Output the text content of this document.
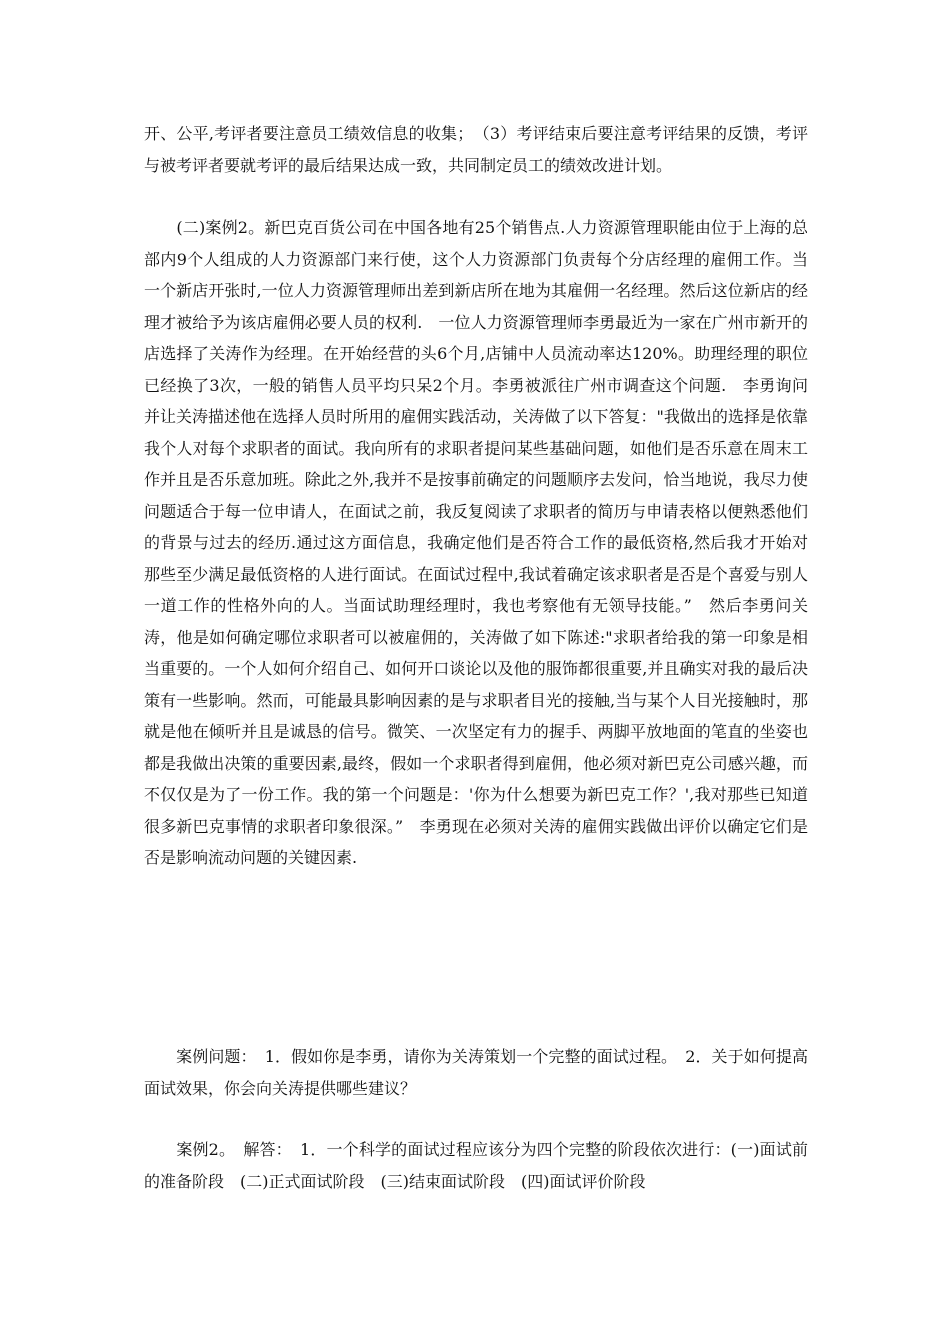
开、公平,考评者要注意员工绩效信息的收集；　（3）考评结束后要注意考评结果的反馈，考评与被考评者要就考评的最后结果达成一致，共同制定员工的绩效改进计划。

　　(二)案例2。新巴克百货公司在中国各地有25个销售点.人力资源管理职能由位于上海的总部内9个人组成的人力资源部门来行使，这个人力资源部门负责每个分店经理的雇佣工作。当一个新店开张时,一位人力资源管理师出差到新店所在地为其雇佣一名经理。然后这位新店的经理才被给予为该店雇佣必要人员的权利.　一位人力资源管理师李勇最近为一家在广州市新开的店选择了关涛作为经理。在开始经营的头6个月,店铺中人员流动率达120%。助理经理的职位已经换了3次，一般的销售人员平均只呆2个月。李勇被派往广州市调查这个问题.　李勇询问并让关涛描述他在选择人员时所用的雇佣实践活动，关涛做了以下答复："我做出的选择是依靠我个人对每个求职者的面试。我向所有的求职者提问某些基础问题，如他们是否乐意在周末工作并且是否乐意加班。除此之外,我并不是按事前确定的问题顺序去发问，恰当地说，我尽力使问题适合于每一位申请人，在面试之前，我反复阅读了求职者的简历与申请表格以便熟悉他们的背景与过去的经历.通过这方面信息，我确定他们是否符合工作的最低资格,然后我才开始对那些至少满足最低资格的人进行面试。在面试过程中,我试着确定该求职者是否是个喜爱与别人一道工作的性格外向的人。当面试助理经理时，我也考察他有无领导技能。”　然后李勇问关涛，他是如何确定哪位求职者可以被雇佣的，关涛做了如下陈述:"求职者给我的第一印象是相当重要的。一个人如何介绍自己、如何开口谈论以及他的服饰都很重要,并且确实对我的最后决策有一些影响。然而，可能最具影响因素的是与求职者目光的接触,当与某个人目光接触时，那就是他在倾听并且是诚恳的信号。微笑、一次坚定有力的握手、两脚平放地面的笔直的坐姿也都是我做出决策的重要因素,最终，假如一个求职者得到雇佣，他必须对新巴克公司感兴趣，而不仅仅是为了一份工作。我的第一个问题是：'你为什么想要为新巴克工作？',我对那些已知道很多新巴克事情的求职者印象很深。”　李勇现在必须对关涛的雇佣实践做出评价以确定它们是否是影响流动问题的关键因素.

　　案例问题：　1．假如你是李勇，请你为关涛策划一个完整的面试过程。　2．关于如何提高面试效果，你会向关涛提供哪些建议？

　　案例2。　解答：　1．一个科学的面试过程应该分为四个完整的阶段依次进行：(一)面试前的准备阶段　(二)正式面试阶段　(三)结束面试阶段　(四)面试评价阶段
